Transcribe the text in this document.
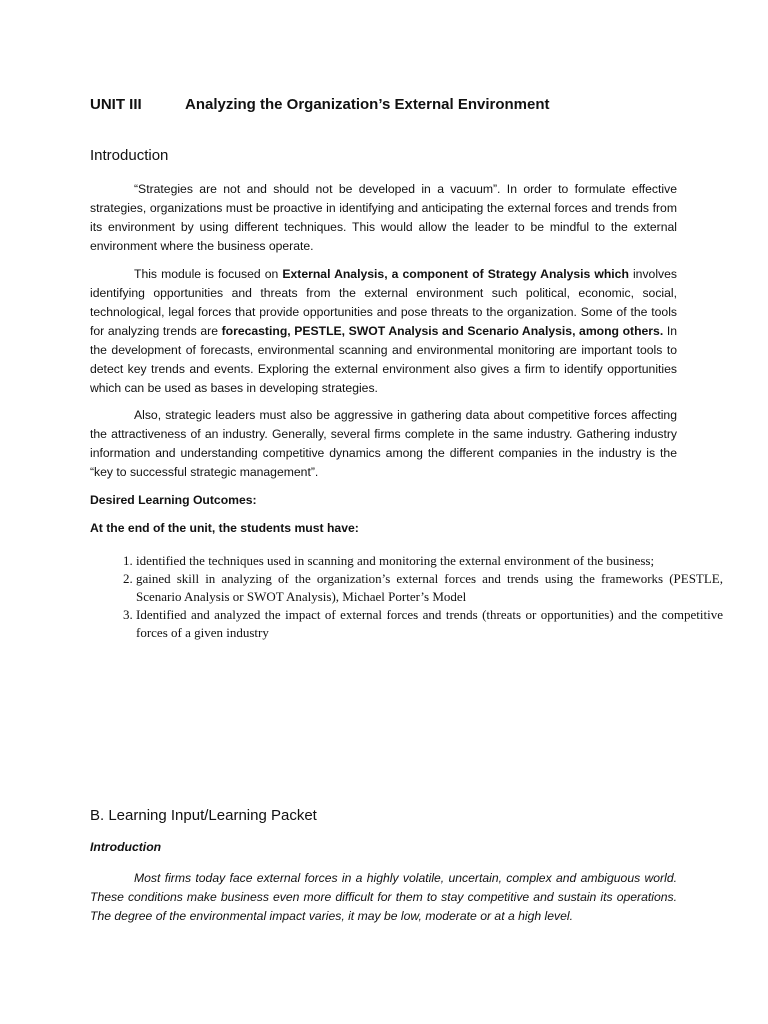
UNIT III	Analyzing the Organization’s External Environment
Introduction

“Strategies are not and should not be developed in a vacuum”. In order to formulate effective strategies, organizations must be proactive in identifying and anticipating the external forces and trends from its environment by using different techniques. This would allow the leader to be mindful to the external environment where the business operate.

This module is focused on External Analysis, a component of Strategy Analysis which involves identifying opportunities and threats from the external environment such political, economic, social, technological, legal forces that provide opportunities and pose threats to the organization. Some of the tools for analyzing trends are forecasting, PESTLE, SWOT Analysis and Scenario Analysis, among others. In the development of forecasts, environmental scanning and environmental monitoring are important tools to detect key trends and events. Exploring the external environment also gives a firm to identify opportunities which can be used as bases in developing strategies.

Also, strategic leaders must also be aggressive in gathering data about competitive forces affecting the attractiveness of an industry. Generally, several firms complete in the same industry. Gathering industry information and understanding competitive dynamics among the different companies in the industry is the “key to successful strategic management”.

Desired Learning Outcomes:
At the end of the unit, the students must have:
1. identified the techniques used in scanning and monitoring the external environment of the business;
2. gained skill in analyzing of the organization’s external forces and trends using the frameworks (PESTLE, Scenario Analysis or SWOT Analysis), Michael Porter’s Model
3. Identified and analyzed the impact of external forces and trends (threats or opportunities) and the competitive forces of a given industry
B. Learning Input/Learning Packet
Introduction

Most firms today face external forces in a highly volatile, uncertain, complex and ambiguous world. These conditions make business even more difficult for them to stay competitive and sustain its operations. The degree of the environmental impact varies, it may be low, moderate or at a high level.
